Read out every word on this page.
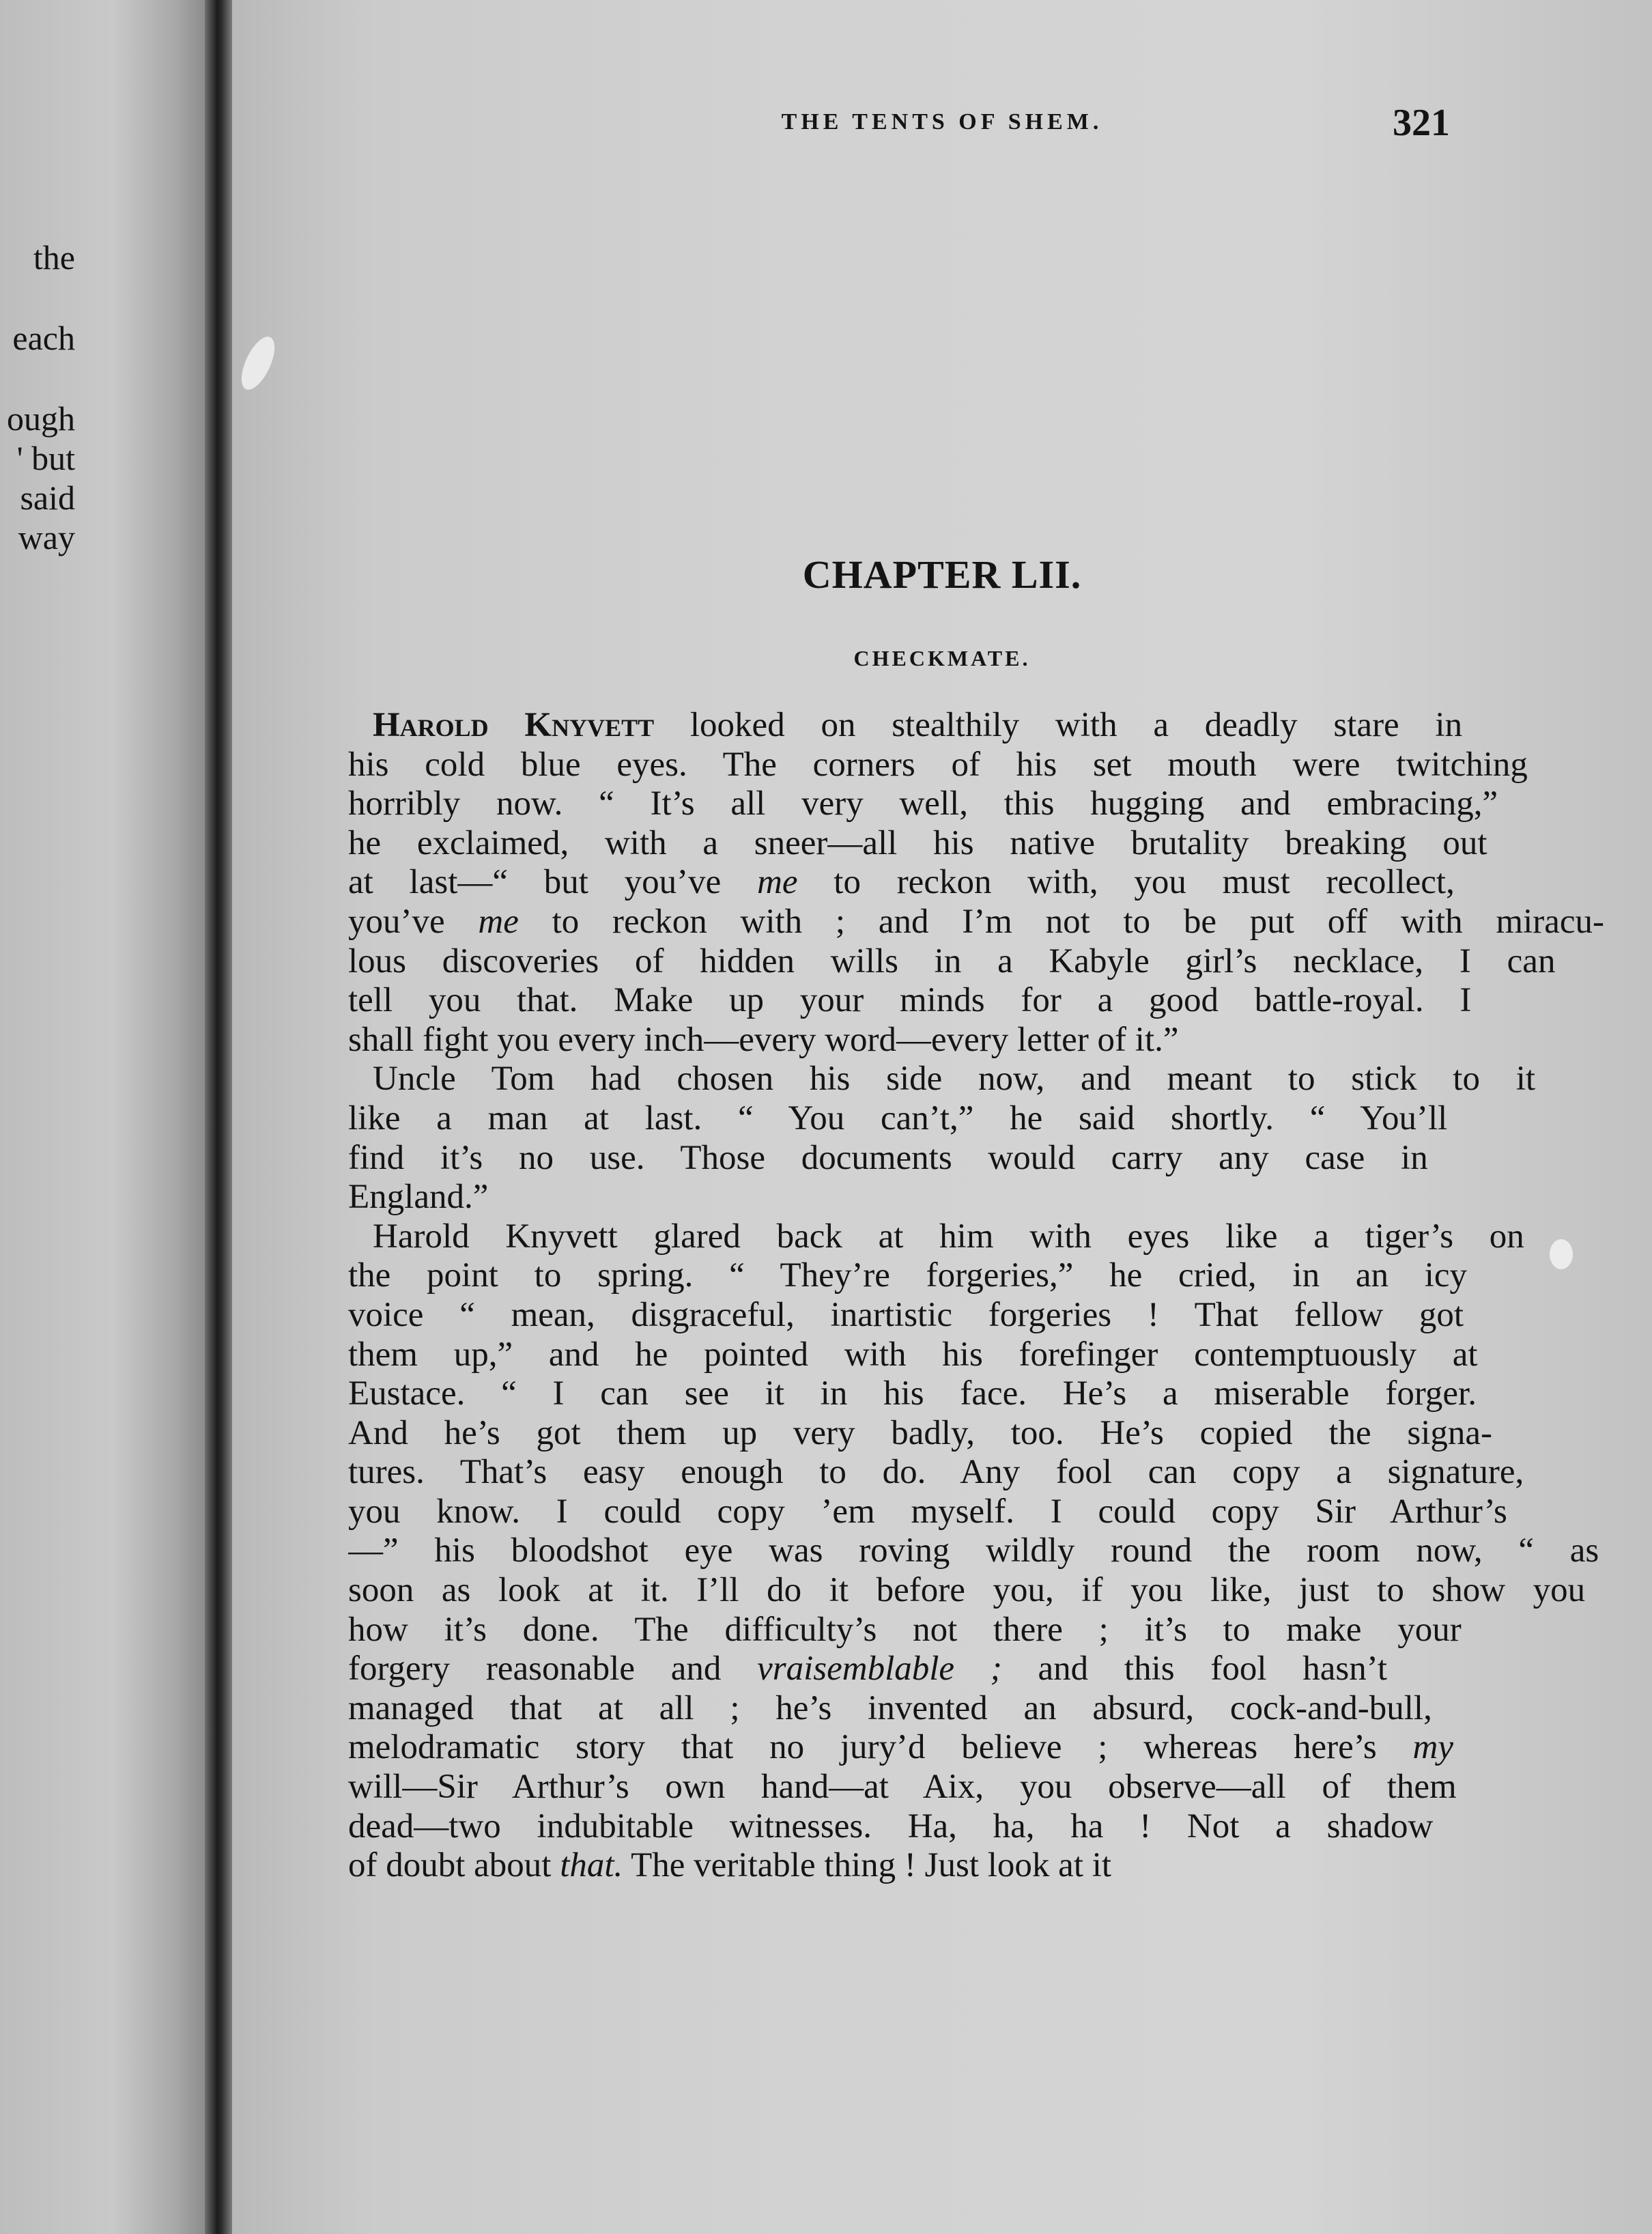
the
each
ough
' but
said
way
THE TENTS OF SHEM.	321
CHAPTER LII.
CHECKMATE.
Harold Knyvett looked on stealthily with a deadly stare in
his cold blue eyes. The corners of his set mouth were twitching
horribly now. “ It’s all very well, this hugging and embracing,”
he exclaimed, with a sneer—all his native brutality breaking out
at last—“ but you’ve me to reckon with, you must recollect,
you’ve me to reckon with ; and I’m not to be put off with miracu-
lous discoveries of hidden wills in a Kabyle girl’s necklace, I can
tell you that. Make up your minds for a good battle-royal. I
shall fight you every inch—every word—every letter of it.”
Uncle Tom had chosen his side now, and meant to stick to it
like a man at last. “ You can’t,” he said shortly. “ You’ll
find it’s no use. Those documents would carry any case in
England.”
Harold Knyvett glared back at him with eyes like a tiger’s on
the point to spring. “ They’re forgeries,” he cried, in an icy
voice “ mean, disgraceful, inartistic forgeries ! That fellow got
them up,” and he pointed with his forefinger contemptuously at
Eustace. “ I can see it in his face. He’s a miserable forger.
And he’s got them up very badly, too. He’s copied the signa-
tures. That’s easy enough to do. Any fool can copy a signature,
you know. I could copy ’em myself. I could copy Sir Arthur’s
—” his bloodshot eye was roving wildly round the room now, “ as
soon as look at it. I’ll do it before you, if you like, just to show you
how it’s done. The difficulty’s not there ; it’s to make your
forgery reasonable and vraisemblable ; and this fool hasn’t
managed that at all ; he’s invented an absurd, cock-and-bull,
melodramatic story that no jury’d believe ; whereas here’s my
will—Sir Arthur’s own hand—at Aix, you observe—all of them
dead—two indubitable witnesses. Ha, ha, ha ! Not a shadow
of doubt about that. The veritable thing ! Just look at it
